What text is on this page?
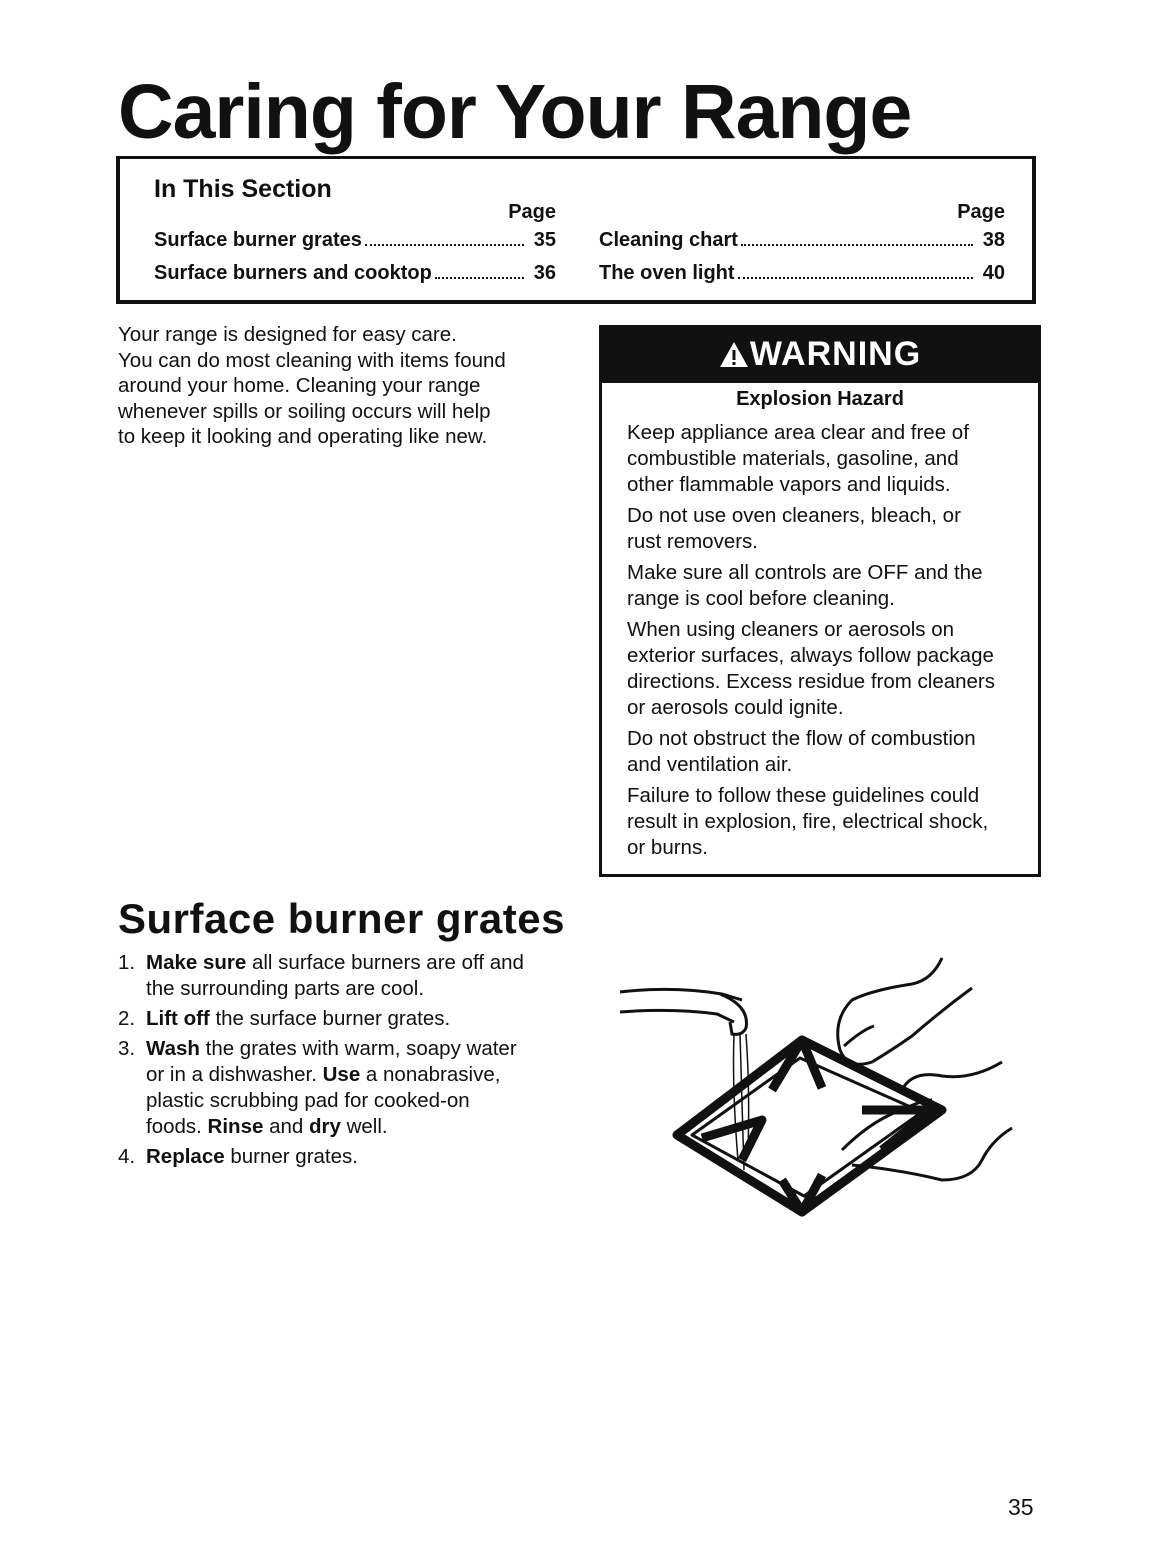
Caring for Your Range
In This Section
Page
Surface burner grates	35
Surface burners and cooktop	36
Page
Cleaning chart	38
The oven light	40
Your range is designed for easy care.
You can do most cleaning with items found
around your home. Cleaning your range
whenever spills or soiling occurs will help
to keep it looking and operating like new.
WARNING
Explosion Hazard

Keep appliance area clear and free of
combustible materials, gasoline, and
other flammable vapors and liquids.

Do not use oven cleaners, bleach, or
rust removers.

Make sure all controls are OFF and the
range is cool before cleaning.

When using cleaners or aerosols on
exterior surfaces, always follow package
directions. Excess residue from cleaners
or aerosols could ignite.

Do not obstruct the flow of combustion
and ventilation air.

Failure to follow these guidelines could
result in explosion, fire, electrical shock,
or burns.

Surface burner grates
1. Make sure all surface burners are off and
the surrounding parts are cool.
2. Lift off the surface burner grates.
3. Wash the grates with warm, soapy water
or in a dishwasher. Use a nonabrasive,
plastic scrubbing pad for cooked-on
foods. Rinse and dry well.
4. Replace burner grates.
35
